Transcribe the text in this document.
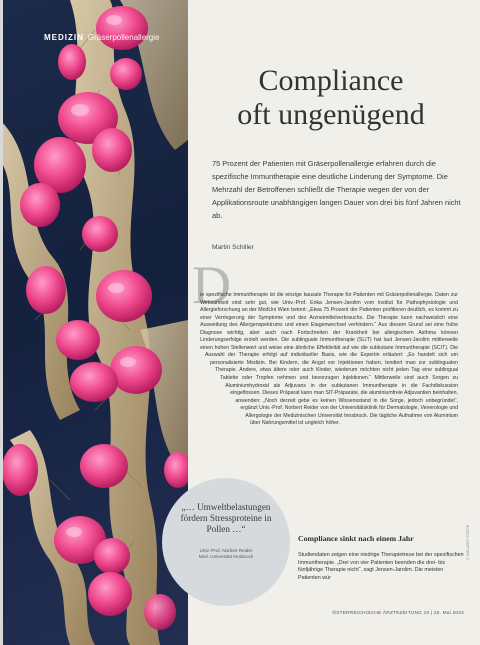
MEDIZIN Gräserpollenallergie
Compliance
oft ungenügend
75 Prozent der Patienten mit Gräserpollenallergie erfahren durch die spezifische Immuntherapie eine deutliche Linderung der Symptome. Die Mehrzahl der Betroffenen schließt die Therapie wegen der von der Applikationsroute unabhängigen langen Dauer von drei bis fünf Jahren nicht ab.
Martin Schiller
D
ie spezifische Immuntherapie ist die einzige kausale Therapie für Patienten mit Gräserpollenallergie. Daten zur Wirksamkeit sind sehr gut, wie Univ.-Prof. Erika Jensen-Jarolim vom Institut für Pathophysiologie und Allergieforschung an der MedUni Wien betont: „Etwa 75 Prozent der Patienten profitieren deutlich, es kommt zu einer Verringerung der Symptome und des Arzneimittelverbrauchs. Die Therapie kann nachweislich eine Ausweitung des Allergenspektrums und einen Etagenwechsel verhindern.“ Aus diesem Grund sei eine frühe Diagnose wichtig, aber auch nach Fortschreiten der Krankheit bei allergischem Asthma können Linderungserfolge erzielt werden. Die sublinguale Immuntherapie (SLIT) hat laut Jensen-Jarolim mittlerweile einen hohen Stellenwert und weise eine ähnliche Effektivität auf wie die subkutane Immuntherapie (SCIT). Die Auswahl der Therapie erfolgt auf individueller Basis, wie die Expertin erläutert: „Es handelt sich um personalisierte Medizin. Bei Kindern, die Angst vor Injektionen haben, tendiert man zur sublingualen Therapie. Andere, etwa ältere oder auch Kinder, wiederum möchten nicht jeden Tag eine sublingual Tablette oder Tropfen nehmen und bevorzugen Injektionen.“ Mittlerweile sind auch Sorgen zu Aluminiumhydroxid als Adjuvans in der subkutanen Immuntherapie in die Fachdiskussion eingeflossen. Dieses Präparat kann man SIT-Präparate, die aluminiumfreie Adjuvantien beinhalten, anwenden: „Noch derzeit gebe es keinen Wissensstand in die Sorge, jedoch unbegründet“, ergänzt Univ.-Prof. Norbert Reider von der Universitätsklinik für Dermatologie, Venerologie und Allergologie der Medizinischen Universität Innsbruck. Die tägliche Aufnahme von Aluminium über Nahrungsmittel ist ungleich höher.
„… Umweltbelastungen fördern Stressproteine in Pollen …“
Univ.-Prof. Norbert Reider
Med. Universität Innsbruck
Compliance sinkt nach einem Jahr
Studiendaten zeigen eine niedrige Therapietreue bei der spezifischen Immuntherapie. „Drei von vier Patienten beenden die drei- bis fünfjährige Therapie nicht“, sagt Jensen-Jarolim. Die meisten Patienten wür
ÖSTERREICHISCHE ÄRZTEZEITUNG 10 | 25. Mai 2024
© GALLERY STOCK
